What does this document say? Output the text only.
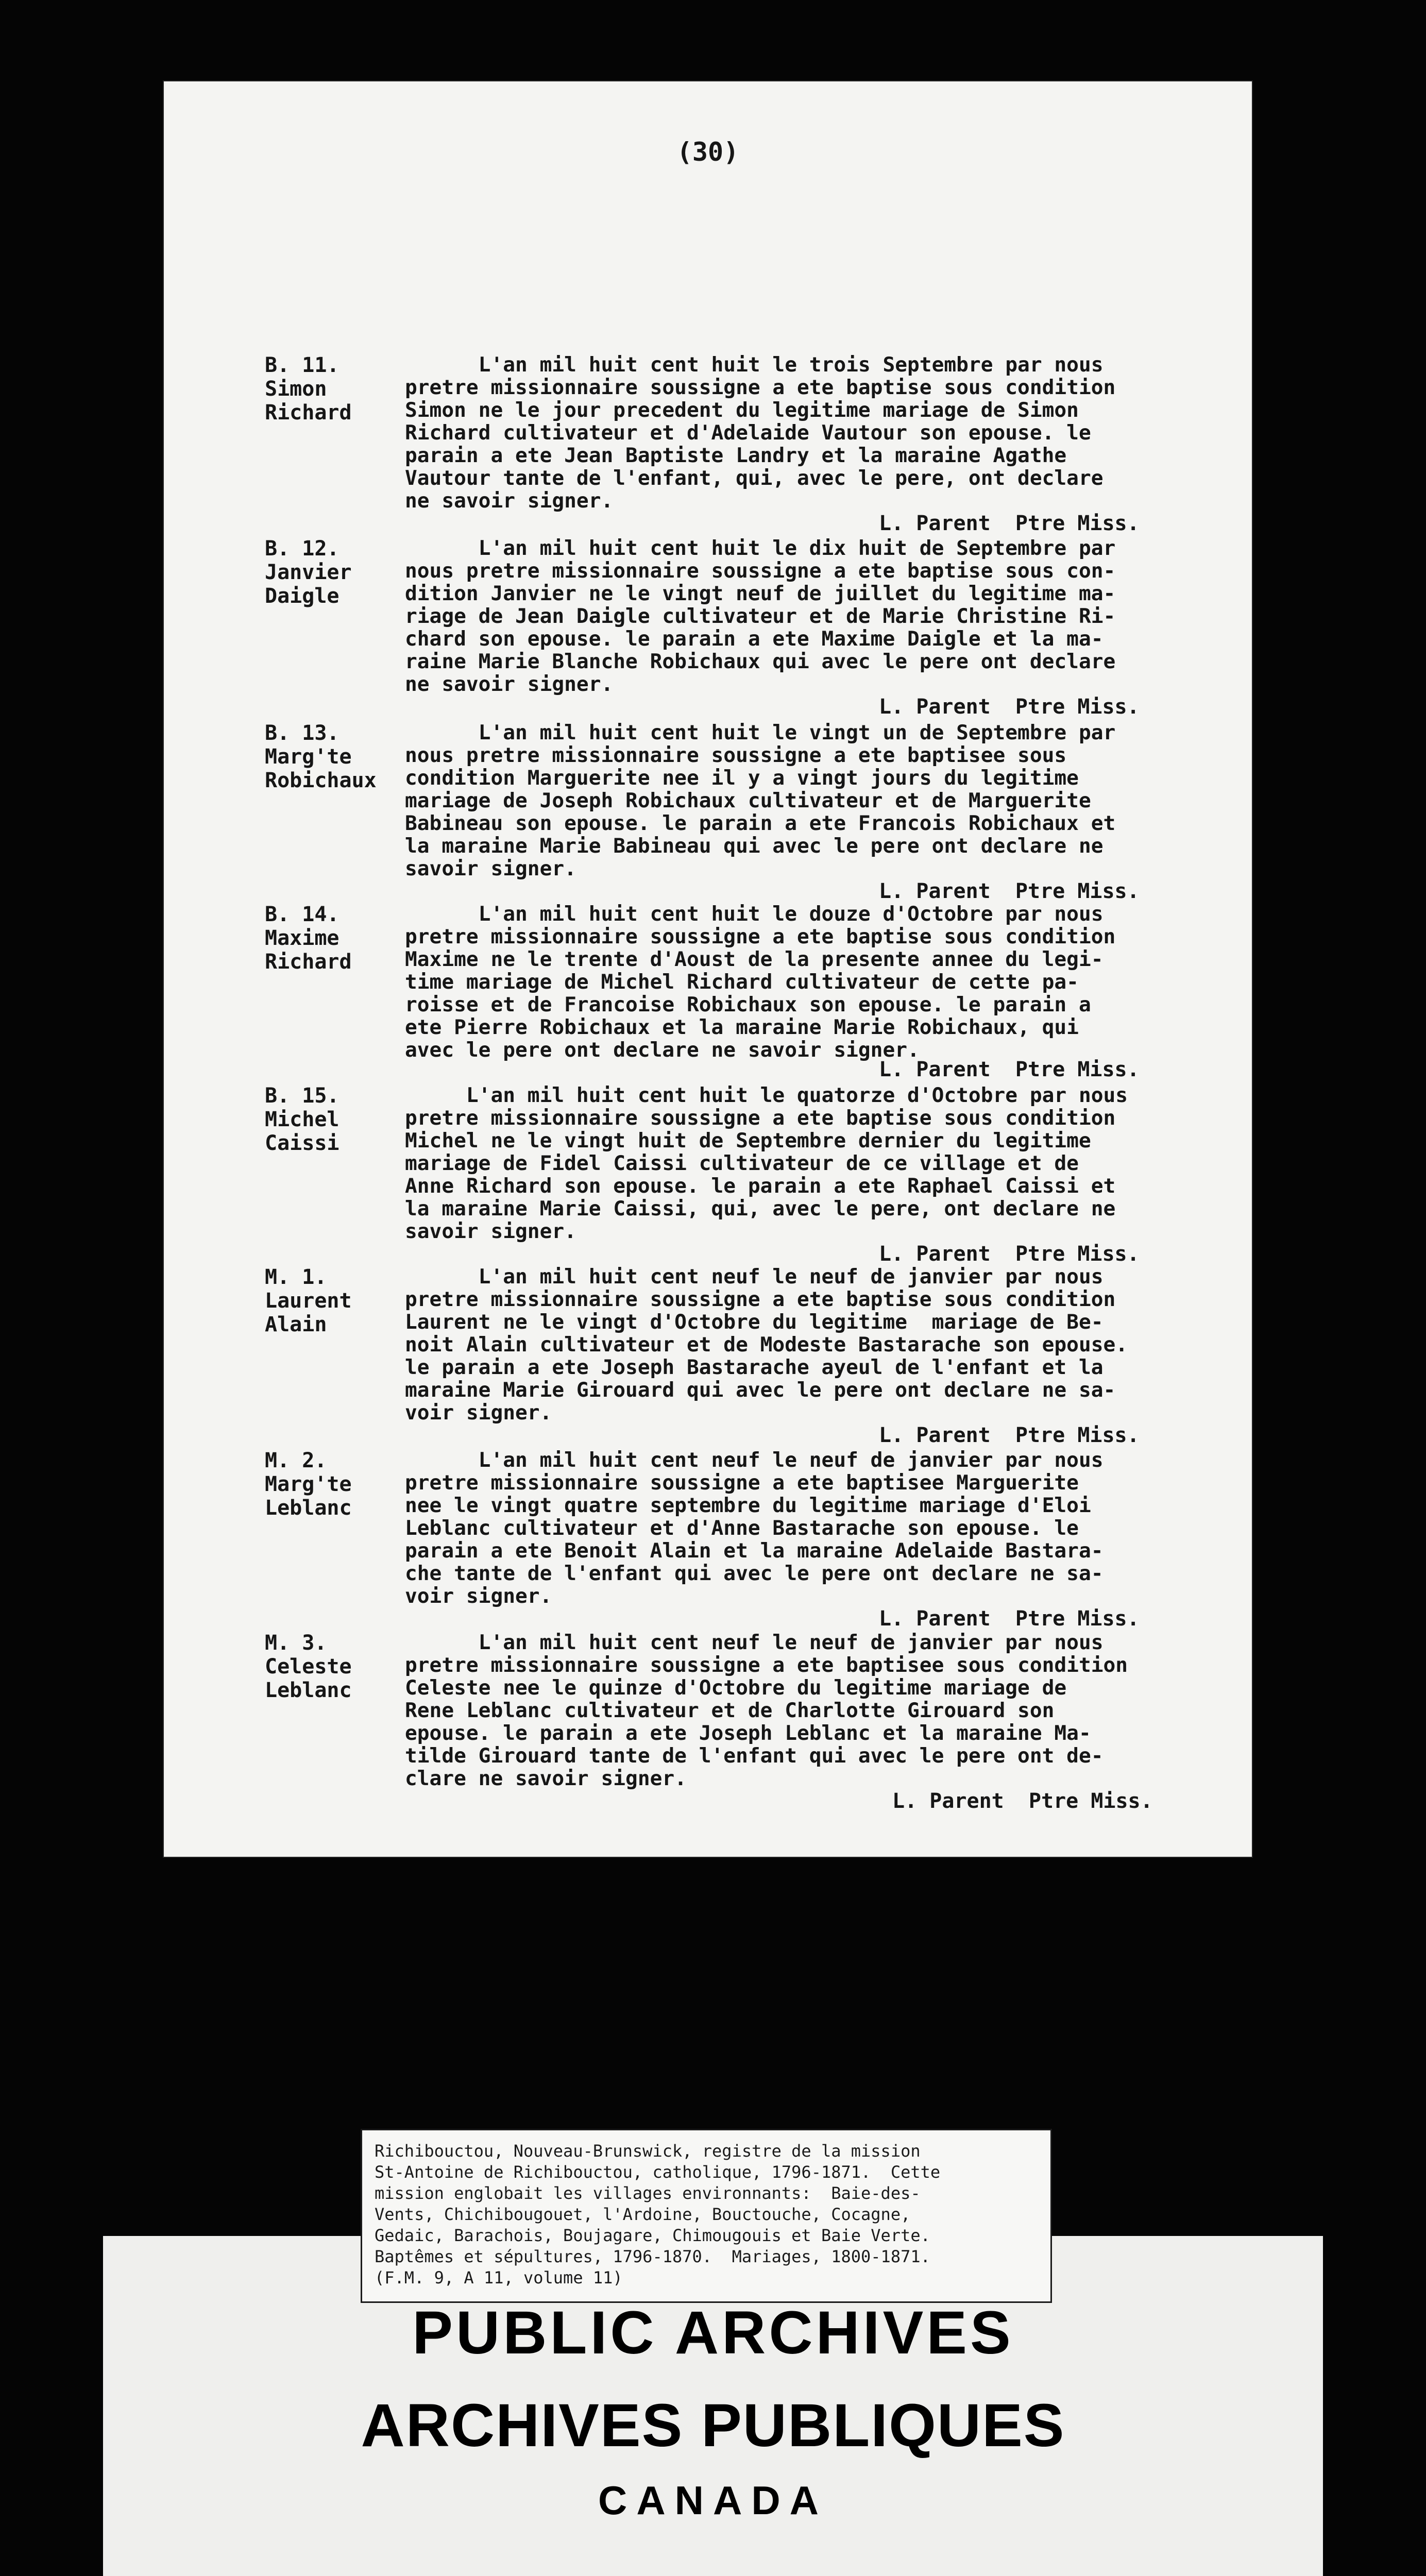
(30)
B. 11.
Simon
Richard
L'an mil huit cent huit le trois Septembre par nous
pretre missionnaire soussigne a ete baptise sous condition
Simon ne le jour precedent du legitime mariage de Simon
Richard cultivateur et d'Adelaide Vautour son epouse. le
parain a ete Jean Baptiste Landry et la maraine Agathe
Vautour tante de l'enfant, qui, avec le pere, ont declare
ne savoir signer.
L. Parent  Ptre Miss.
B. 12.
Janvier
Daigle
L'an mil huit cent huit le dix huit de Septembre par
nous pretre missionnaire soussigne a ete baptise sous con-
dition Janvier ne le vingt neuf de juillet du legitime ma-
riage de Jean Daigle cultivateur et de Marie Christine Ri-
chard son epouse. le parain a ete Maxime Daigle et la ma-
raine Marie Blanche Robichaux qui avec le pere ont declare
ne savoir signer.
L. Parent  Ptre Miss.
B. 13.
Marg'te
Robichaux
L'an mil huit cent huit le vingt un de Septembre par
nous pretre missionnaire soussigne a ete baptisee sous
condition Marguerite nee il y a vingt jours du legitime
mariage de Joseph Robichaux cultivateur et de Marguerite
Babineau son epouse. le parain a ete Francois Robichaux et
la maraine Marie Babineau qui avec le pere ont declare ne
savoir signer.
L. Parent  Ptre Miss.
B. 14.
Maxime
Richard
L'an mil huit cent huit le douze d'Octobre par nous
pretre missionnaire soussigne a ete baptise sous condition
Maxime ne le trente d'Aoust de la presente annee du legi-
time mariage de Michel Richard cultivateur de cette pa-
roisse et de Francoise Robichaux son epouse. le parain a
ete Pierre Robichaux et la maraine Marie Robichaux, qui
avec le pere ont declare ne savoir signer.
L. Parent  Ptre Miss.
B. 15.
Michel
Caissi
L'an mil huit cent huit le quatorze d'Octobre par nous
pretre missionnaire soussigne a ete baptise sous condition
Michel ne le vingt huit de Septembre dernier du legitime
mariage de Fidel Caissi cultivateur de ce village et de
Anne Richard son epouse. le parain a ete Raphael Caissi et
la maraine Marie Caissi, qui, avec le pere, ont declare ne
savoir signer.
L. Parent  Ptre Miss.
M. 1.
Laurent
Alain
L'an mil huit cent neuf le neuf de janvier par nous
pretre missionnaire soussigne a ete baptise sous condition
Laurent ne le vingt d'Octobre du legitime  mariage de Be-
noit Alain cultivateur et de Modeste Bastarache son epouse.
le parain a ete Joseph Bastarache ayeul de l'enfant et la
maraine Marie Girouard qui avec le pere ont declare ne sa-
voir signer.
L. Parent  Ptre Miss.
M. 2.
Marg'te
Leblanc
L'an mil huit cent neuf le neuf de janvier par nous
pretre missionnaire soussigne a ete baptisee Marguerite
nee le vingt quatre septembre du legitime mariage d'Eloi
Leblanc cultivateur et d'Anne Bastarache son epouse. le
parain a ete Benoit Alain et la maraine Adelaide Bastara-
che tante de l'enfant qui avec le pere ont declare ne sa-
voir signer.
L. Parent  Ptre Miss.
M. 3.
Celeste
Leblanc
L'an mil huit cent neuf le neuf de janvier par nous
pretre missionnaire soussigne a ete baptisee sous condition
Celeste nee le quinze d'Octobre du legitime mariage de
Rene Leblanc cultivateur et de Charlotte Girouard son
epouse. le parain a ete Joseph Leblanc et la maraine Ma-
tilde Girouard tante de l'enfant qui avec le pere ont de-
clare ne savoir signer.
L. Parent  Ptre Miss.
Richibouctou, Nouveau-Brunswick, registre de la mission
St-Antoine de Richibouctou, catholique, 1796-1871.  Cette
mission englobait les villages environnants:  Baie-des-
Vents, Chichibougouet, l'Ardoine, Bouctouche, Cocagne,
Gedaic, Barachois, Boujagare, Chimougouis et Baie Verte.
Baptêmes et sépultures, 1796-1870.  Mariages, 1800-1871.
(F.M. 9, A 11, volume 11)
PUBLIC ARCHIVES
ARCHIVES PUBLIQUES
CANADA
